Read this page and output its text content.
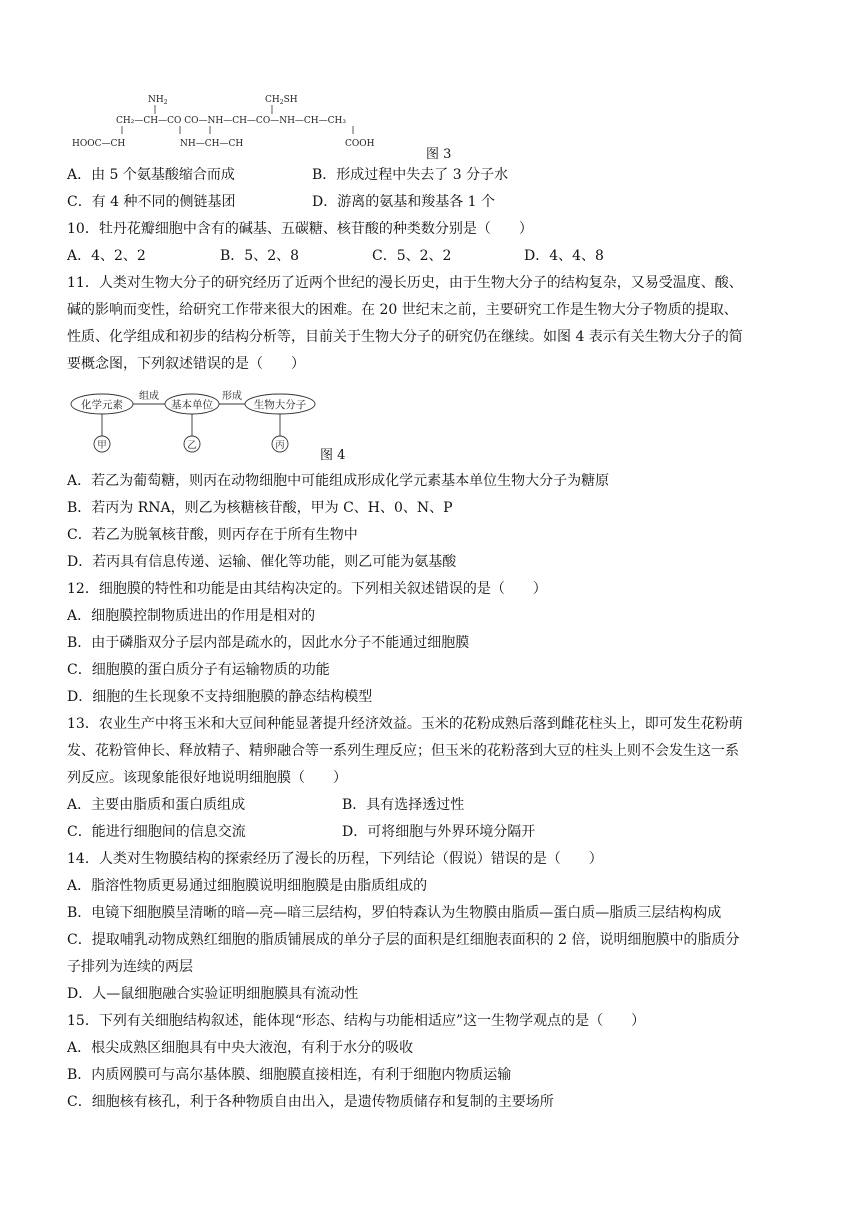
$NH_2$	$CH_2SH$
CH₂—CH—CO CO—NH—CH—CO—NH—CH—CH₃
HOOC—CH	NH—CH—CH	COOH
图 3
A．由 5 个氨基酸缩合而成	B．形成过程中失去了 3 分子水
C．有 4 种不同的侧链基团	D．游离的氨基和羧基各 1 个
10．牡丹花瓣细胞中含有的碱基、五碳糖、核苷酸的种类数分别是（　　）
A．4、2、2	B．5、2、8	C．5、2、2	D．4、4、8
11．人类对生物大分子的研究经历了近两个世纪的漫长历史，由于生物大分子的结构复杂，又易受温度、酸、
碱的影响而变性，给研究工作带来很大的困难。在 20 世纪末之前，主要研究工作是生物大分子物质的提取、
性质、化学组成和初步的结构分析等，目前关于生物大分子的研究仍在继续。如图 4 表示有关生物大分子的简
要概念图，下列叙述错误的是（　　）
化学元素	基本单位	生物大分子
组成	形成
甲	乙	丙
图 4
A．若乙为葡萄糖，则丙在动物细胞中可能组成形成化学元素基本单位生物大分子为糖原
B．若丙为 RNA，则乙为核糖核苷酸，甲为 C、H、0、N、P
C．若乙为脱氧核苷酸，则丙存在于所有生物中
D．若丙具有信息传递、运输、催化等功能，则乙可能为氨基酸
12．细胞膜的特性和功能是由其结构决定的。下列相关叙述错误的是（　　）
A．细胞膜控制物质进出的作用是相对的
B．由于磷脂双分子层内部是疏水的，因此水分子不能通过细胞膜
C．细胞膜的蛋白质分子有运输物质的功能
D．细胞的生长现象不支持细胞膜的静态结构模型
13．农业生产中将玉米和大豆间种能显著提升经济效益。玉米的花粉成熟后落到雌花柱头上，即可发生花粉萌
发、花粉管伸长、释放精子、精卵融合等一系列生理反应；但玉米的花粉落到大豆的柱头上则不会发生这一系
列反应。该现象能很好地说明细胞膜（　　）
A．主要由脂质和蛋白质组成	B．具有选择透过性
C．能进行细胞间的信息交流	D．可将细胞与外界环境分隔开
14．人类对生物膜结构的探索经历了漫长的历程，下列结论（假说）错误的是（　　）
A．脂溶性物质更易通过细胞膜说明细胞膜是由脂质组成的
B．电镜下细胞膜呈清晰的暗—亮—暗三层结构，罗伯特森认为生物膜由脂质—蛋白质—脂质三层结构构成
C．提取哺乳动物成熟红细胞的脂质铺展成的单分子层的面积是红细胞表面积的 2 倍，说明细胞膜中的脂质分
子排列为连续的两层
D．人—鼠细胞融合实验证明细胞膜具有流动性
15．下列有关细胞结构叙述，能体现“形态、结构与功能相适应”这一生物学观点的是（　　）
A．根尖成熟区细胞具有中央大液泡，有利于水分的吸收
B．内质网膜可与高尔基体膜、细胞膜直接相连，有利于细胞内物质运输
C．细胞核有核孔，利于各种物质自由出入，是遗传物质储存和复制的主要场所
